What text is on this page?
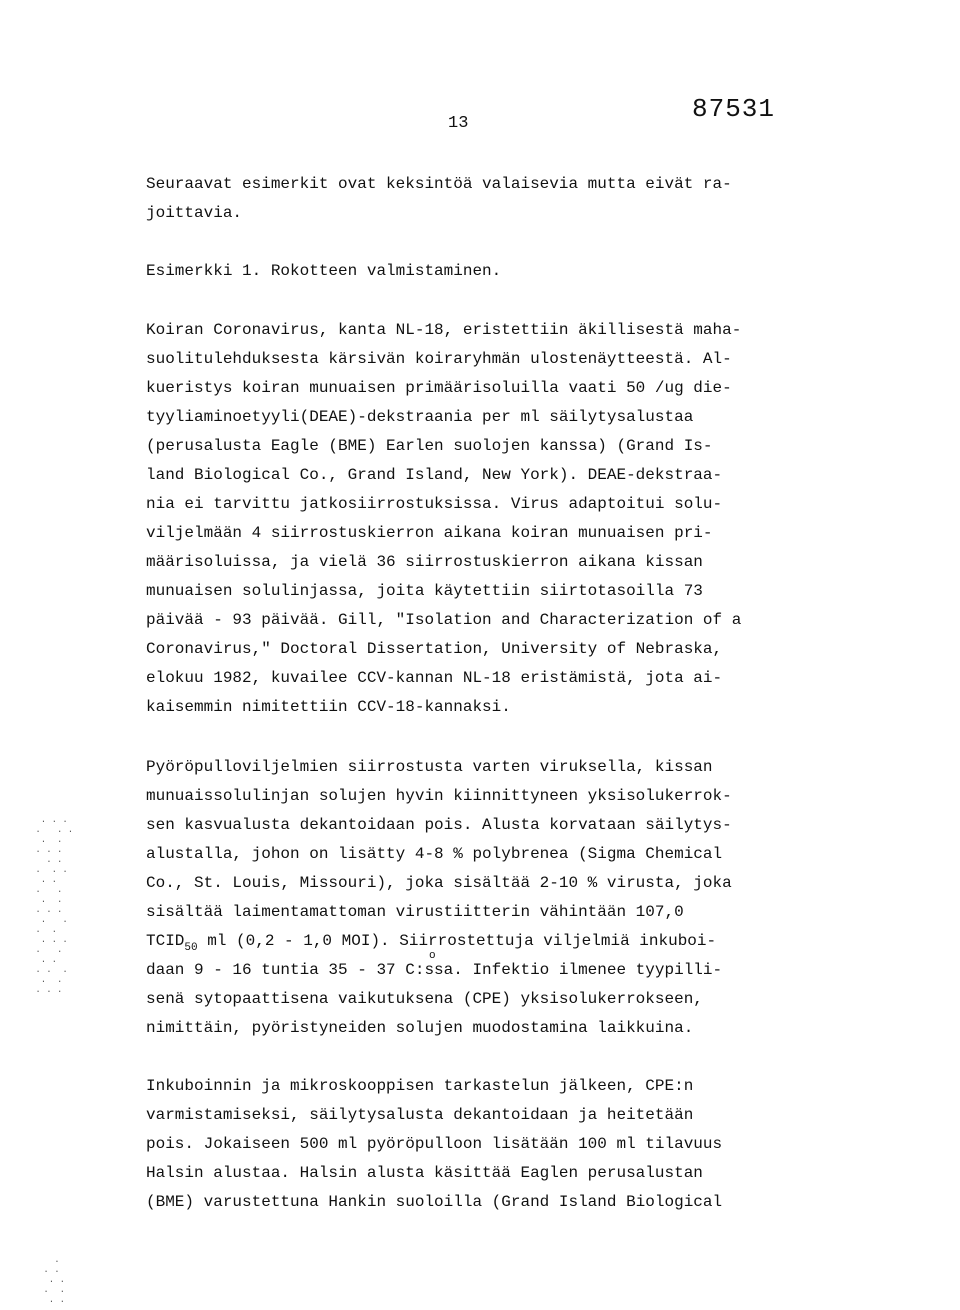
13	87531
Seuraavat esimerkit ovat keksintöä valaisevia mutta eivät ra-
joittavia.
Esimerkki 1. Rokotteen valmistaminen.
Koiran Coronavirus, kanta NL-18, eristettiin äkillisestä maha-
suolitulehduksesta kärsivän koiraryhmän ulostenäytteestä. Al-
kueristys koiran munuaisen primäärisoluilla vaati 50 /ug die-
tyyliaminoetyyli(DEAE)-dekstraania per ml säilytysalustaa
(perusalusta Eagle (BME) Earlen suolojen kanssa) (Grand Is-
land Biological Co., Grand Island, New York). DEAE-dekstraa-
nia ei tarvittu jatkosiirrostuksissa. Virus adaptoitui solu-
viljelmään 4 siirrostuskierron aikana koiran munuaisen pri-
määrisoluissa, ja vielä 36 siirrostuskierron aikana kissan
munuaisen solulinjassa, joita käytettiin siirtotasoilla 73
päivää - 93 päivää. Gill, "Isolation and Characterization of a
Coronavirus," Doctoral Dissertation, University of Nebraska,
elokuu 1982, kuvailee CCV-kannan NL-18 eristämistä, jota ai-
kaisemmin nimitettiin CCV-18-kannaksi.
Pyöröpulloviljelmien siirrostusta varten viruksella, kissan
munuaissolulinjan solujen hyvin kiinnittyneen yksisolukerrok-
sen kasvualusta dekantoidaan pois. Alusta korvataan säilytys-
alustalla, johon on lisätty 4-8 % polybrenea (Sigma Chemical
Co., St. Louis, Missouri), joka sisältää 2-10 % virusta, joka
sisältää laimentamattoman virustiitterin vähintään 107,0
$TCID_{50}$ ml (0,2 - 1,0 MOI). Siirrostettuja viljelmiä inkuboi-
daan 9 - 16 tuntia 35 - 37 C:ssa. Infektio ilmenee tyypilli-
senä sytopaattisena vaikutuksena (CPE) yksisolukerrokseen,
nimittäin, pyöristyneiden solujen muodostamina laikkuina.
o
Inkuboinnin ja mikroskooppisen tarkastelun jälkeen, CPE:n
varmistamiseksi, säilytysalusta dekantoidaan ja heitetään
pois. Jokaiseen 500 ml pyöröpulloon lisätään 100 ml tilavuus
Halsin alustaa. Halsin alusta käsittää Eaglen perusalustan
(BME) varustettuna Hankin suoloilla (Grand Island Biological
. . .
.   . .
.  .
. . .
. .
.  . .
. .
.   .
.  .
. . .
.   .
.  .
. . .
.   .
. .
. .  .
.  .
. . .
.
. .
. .
.  .
. .
